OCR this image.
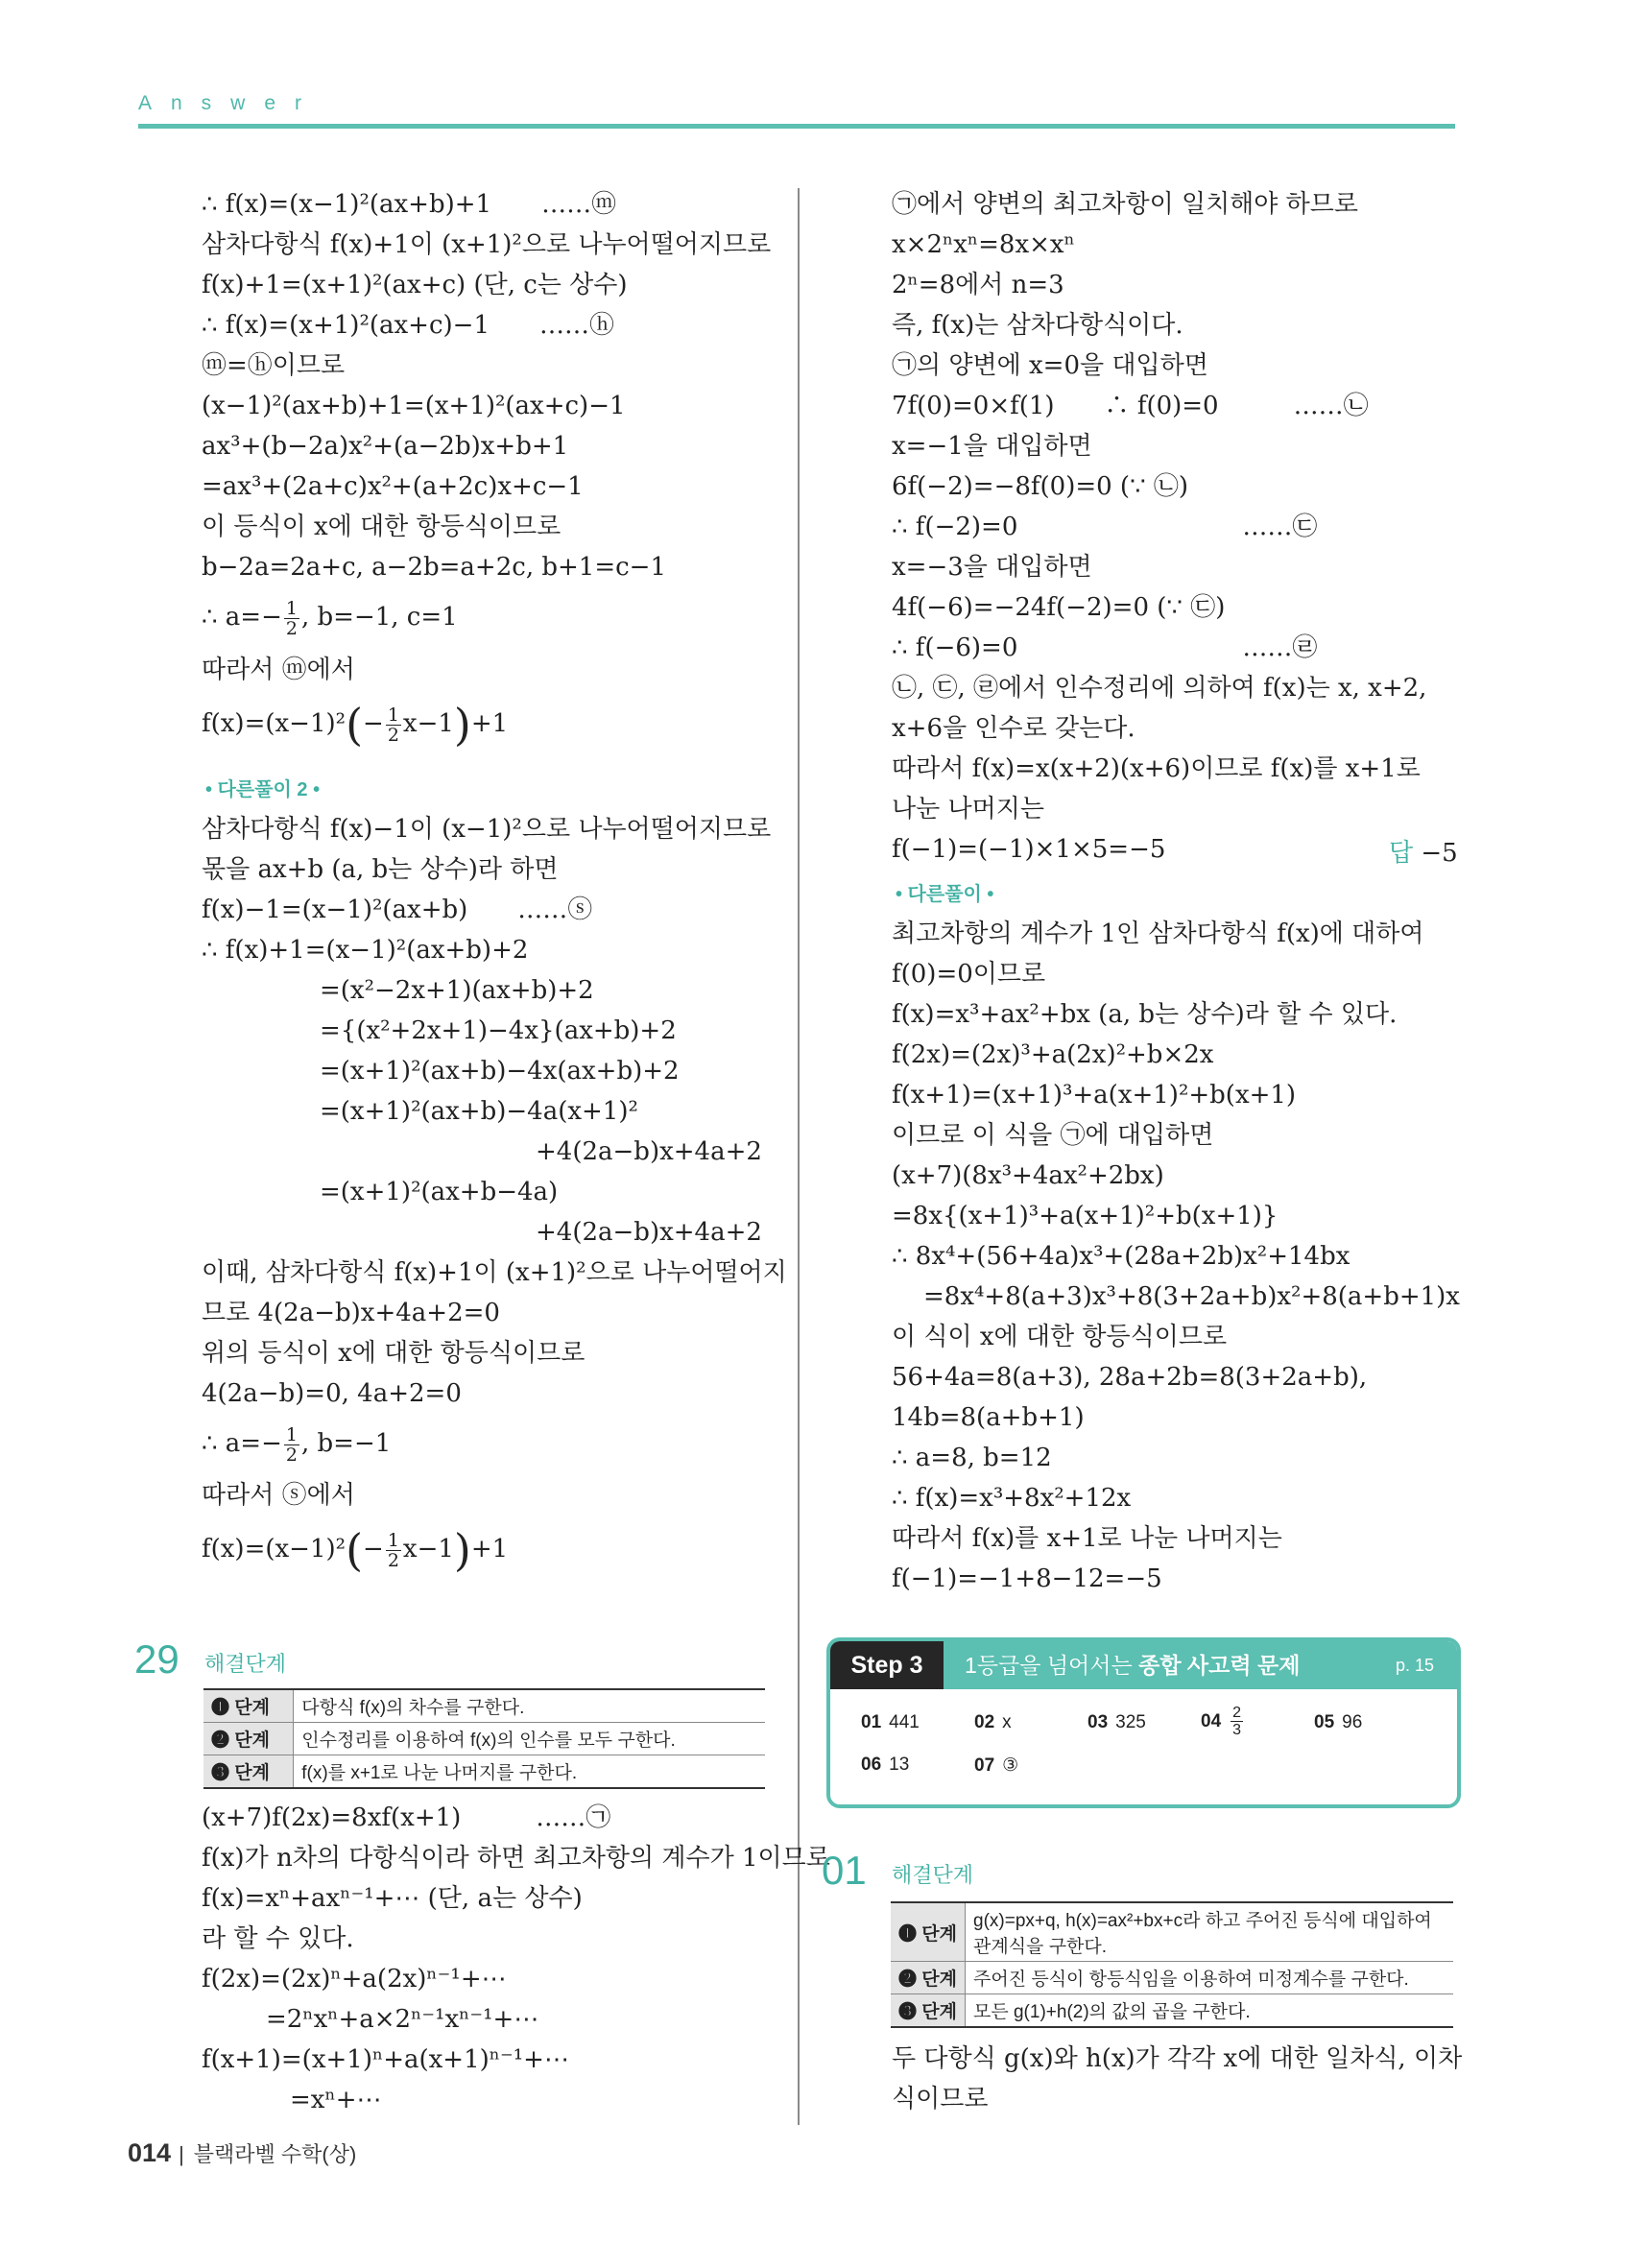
Answer
∴ f(x)=(x−1)²(ax+b)+1　　……ⓜ
삼차다항식 f(x)+1이 (x+1)²으로 나누어떨어지므로
f(x)+1=(x+1)²(ax+c) (단, c는 상수)
∴ f(x)=(x+1)²(ax+c)−1　　……ⓗ
ⓜ=ⓗ이므로
(x−1)²(ax+b)+1=(x+1)²(ax+c)−1
ax³+(b−2a)x²+(a−2b)x+b+1
=ax³+(2a+c)x²+(a+2c)x+c−1
이 등식이 x에 대한 항등식이므로
b−2a=2a+c, a−2b=a+2c, b+1=c−1
∴ $a=- \frac{1}{2}$ , b=−1, c=1
따라서 ⓜ에서
$f(x)=(x-1)^2(- \frac{1}{2} x-1)+1$
• 다른풀이 2 •
삼차다항식 f(x)−1이 (x−1)²으로 나누어떨어지므로
몫을 ax+b (a, b는 상수)라 하면
f(x)−1=(x−1)²(ax+b)　　……ⓢ
∴ f(x)+1=(x−1)²(ax+b)+2
=(x²−2x+1)(ax+b)+2
={(x²+2x+1)−4x}(ax+b)+2
=(x+1)²(ax+b)−4x(ax+b)+2
=(x+1)²(ax+b)−4a(x+1)²
+4(2a−b)x+4a+2
=(x+1)²(ax+b−4a)
+4(2a−b)x+4a+2
이때, 삼차다항식 f(x)+1이 (x+1)²으로 나누어떨어지
므로 4(2a−b)x+4a+2=0
위의 등식이 x에 대한 항등식이므로
4(2a−b)=0, 4a+2=0
∴ $a=- \frac{1}{2}$ , b=−1
따라서 ⓢ에서
$f(x)=(x-1)^2(- \frac{1}{2} x-1)+1$
29 해결단계
❶ 단계	다항식 f(x)의 차수를 구한다.
❷ 단계	인수정리를 이용하여 f(x)의 인수를 모두 구한다.
❸ 단계	f(x)를 x+1로 나눈 나머지를 구한다.
(x+7)f(2x)=8xf(x+1)　　　……㉠
f(x)가 n차의 다항식이라 하면 최고차항의 계수가 1이므로
f(x)=xⁿ+axⁿ⁻¹+⋯ (단, a는 상수)
라 할 수 있다.
f(2x)=(2x)ⁿ+a(2x)ⁿ⁻¹+⋯
=2ⁿxⁿ+a×2ⁿ⁻¹xⁿ⁻¹+⋯
f(x+1)=(x+1)ⁿ+a(x+1)ⁿ⁻¹+⋯
=xⁿ+⋯
㉠에서 양변의 최고차항이 일치해야 하므로
x×2ⁿxⁿ=8x×xⁿ
2ⁿ=8에서 n=3
즉, f(x)는 삼차다항식이다.
㉠의 양변에 x=0을 대입하면
7f(0)=0×f(1)　　∴ f(0)=0　　　……㉡
x=−1을 대입하면
6f(−2)=−8f(0)=0 (∵ ㉡)
∴ f(−2)=0　　　　　　　　　……㉢
x=−3을 대입하면
4f(−6)=−24f(−2)=0 (∵ ㉢)
∴ f(−6)=0　　　　　　　　　……㉣
㉡, ㉢, ㉣에서 인수정리에 의하여 f(x)는 x, x+2,
x+6을 인수로 갖는다.
따라서 f(x)=x(x+2)(x+6)이므로 f(x)를 x+1로
나눈 나머지는
f(−1)=(−1)×1×5=−5	답 −5
• 다른풀이 •
최고차항의 계수가 1인 삼차다항식 f(x)에 대하여
f(0)=0이므로
f(x)=x³+ax²+bx (a, b는 상수)라 할 수 있다.
f(2x)=(2x)³+a(2x)²+b×2x
f(x+1)=(x+1)³+a(x+1)²+b(x+1)
이므로 이 식을 ㉠에 대입하면
(x+7)(8x³+4ax²+2bx)
=8x{(x+1)³+a(x+1)²+b(x+1)}
∴ 8x⁴+(56+4a)x³+(28a+2b)x²+14bx
=8x⁴+8(a+3)x³+8(3+2a+b)x²+8(a+b+1)x
이 식이 x에 대한 항등식이므로
56+4a=8(a+3), 28a+2b=8(3+2a+b),
14b=8(a+b+1)
∴ a=8, b=12
∴ f(x)=x³+8x²+12x
따라서 f(x)를 x+1로 나눈 나머지는
f(−1)=−1+8−12=−5
Step 3	1등급을 넘어서는 종합 사고력 문제	p. 15
01 441	02 x	03 325	$04 \frac{2}{3}$	05 96
06 13	07 ③
01 해결단계
❶ 단계	g(x)=px+q, h(x)=ax²+bx+c라 하고 주어진 등식에 대입하여 관계식을 구한다.
❷ 단계	주어진 등식이 항등식임을 이용하여 미정계수를 구한다.
❸ 단계	모든 g(1)+h(2)의 값의 곱을 구한다.
두 다항식 g(x)와 h(x)가 각각 x에 대한 일차식, 이차
식이므로
014 | 블랙라벨 수학(상)
